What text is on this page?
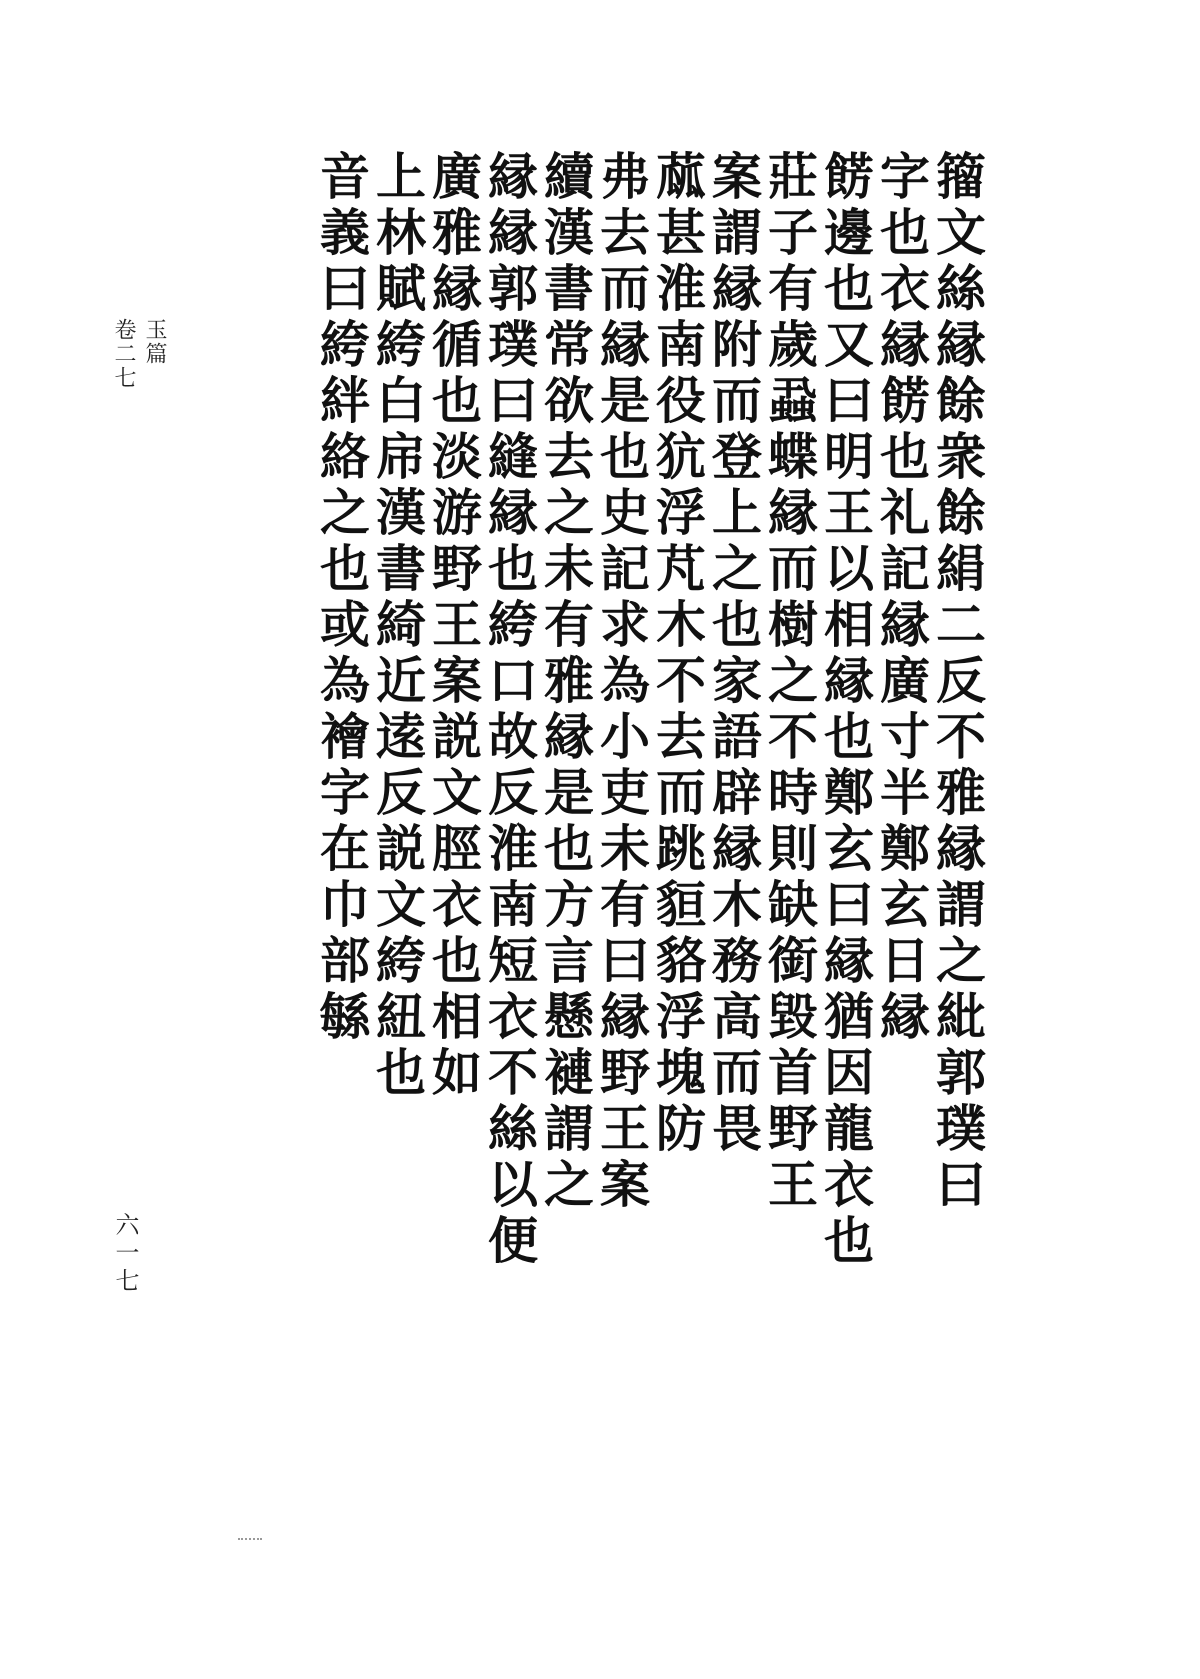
玉篇
卷二七
六一七
籀文絲縁餘衆餘絹二反不雅縁謂之紕郭璞曰
字也衣縁餝也礼記縁廣寸半鄭玄日縁
餝邊也又曰明王以相縁也鄭玄曰縁猶因龍衣也
莊子有歲蝨蝶縁而樹之不時則缺銜毀首野王
案謂縁附而登上之也家語辟縁木務高而畏
蓏甚淮南役犺浮芃木不去而跳貆貉浮塊防
弗去而縁是也史記求為小吏未有曰縁野王案
續漢書常欲去之未有雅縁是也方言懸褳謂之
縁縁郭璞曰縫縁也絝口故反淮南短衣不絲以便
廣雅縁循也淡游野王案説文脛衣也相如
上林賦絝白帍漢書綺近逺反説文絝紐也
音義曰絝絆絡之也或為襘字在巾部緐
